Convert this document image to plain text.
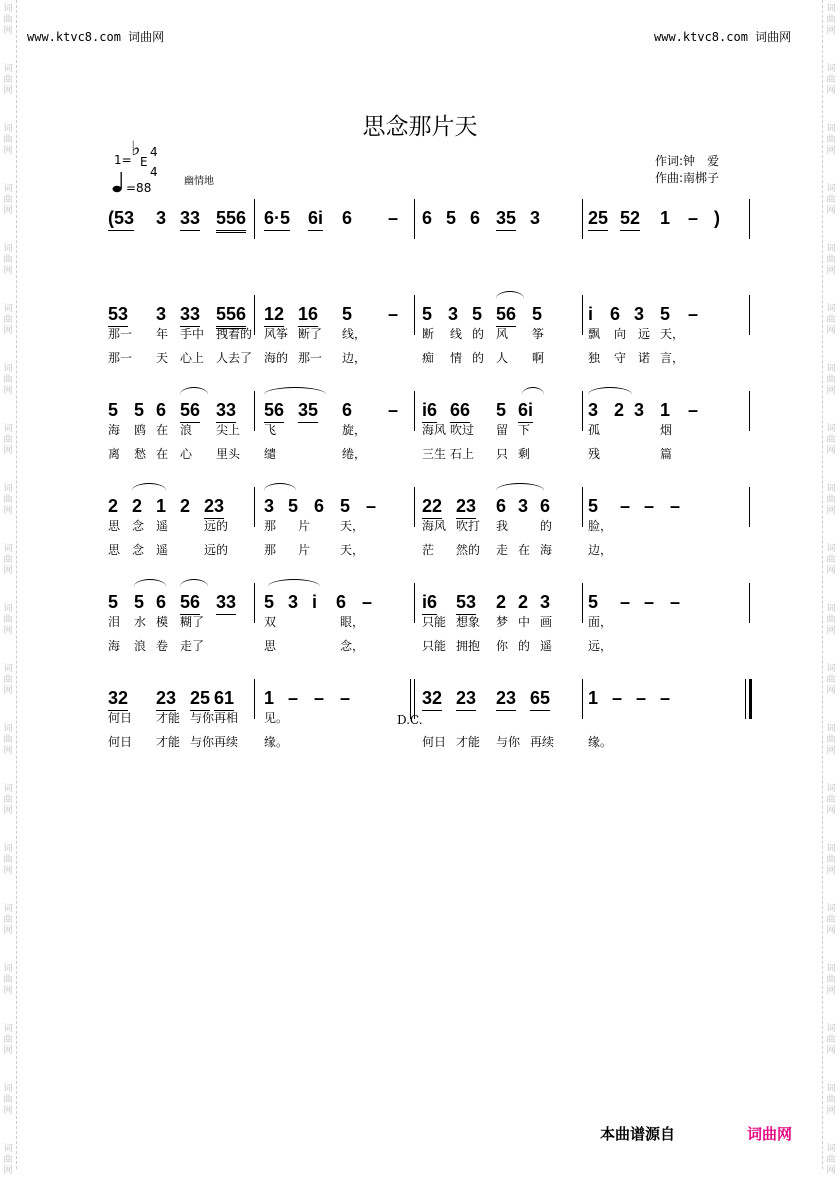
词
曲
网
词
曲
网
词
曲
网
词
曲
网
词
曲
网
词
曲
网
词
曲
网
词
曲
网
词
曲
网
词
曲
网
词
曲
网
词
曲
网
词
曲
网
词
曲
网
词
曲
网
词
曲
网
词
曲
网
词
曲
网
词
曲
网
词
曲
网
词
曲
网
词
曲
网
词
曲
网
词
曲
网
词
曲
网
词
曲
网
词
曲
网
词
曲
网
词
曲
网
词
曲
网
词
曲
网
词
曲
网
词
曲
网
词
曲
网
词
曲
网
词
曲
网
词
曲
网
词
曲
网
词
曲
网
词
曲
网
www.ktvc8.com 词曲网	www.ktvc8.com 词曲网
思念那片天
1= ♭
E
4
4
=88	幽情地
作词:钟　爱
作曲:南梆子
(53 3 33 556 6·5 6i 6 – 6 5 6 35 3	25 52 1 – )
53 3 33 556 12 16 5 – 5 3 5 56 5	i 6 3 5 –
那一 年 手中 拽着的 风筝 断了 线，	断 线 的 风 筝	飘 向 远 天，
那一 天 心上 人去了 海的 那一 边，	痴 情 的 人 啊	独 守 诺 言，
5 5 6 56 33 56 35 6 – i6 66 5 6i	3 2 3 1 –
海 鸥 在 浪 尖上 飞	旋，	海风 吹过 留 下	孤	烟
离 愁 在 心 里头 缱	绻，	三生 石上 只 剩	残	篇
2 2 1 2 23 3 5 6 5 –	22 23 6 3 6 5 – – –
思 念 遥	远的	那 片 天，	海风 吹打 我	的	脸，
思 念 遥	远的	那 片 天，	茫 然的 走 在 海	边，
5 5 6 56 33 5 3 i 6 –	i6 53 2 2 3 5 – – –
泪 水 模 糊了	双	眼，	只能 想象 梦 中 画	面，
海 浪 卷 走了	思	念，	只能 拥抱 你 的 遥	远，
32 23 25 61 1 – – –	32 23 23 65 1 – – –
何日 才能 与你 再相 见。
何日 才能 与你 再续 缘。	何日 才能 与你 再续	缘。
D.C.
本曲谱源自	词曲网
